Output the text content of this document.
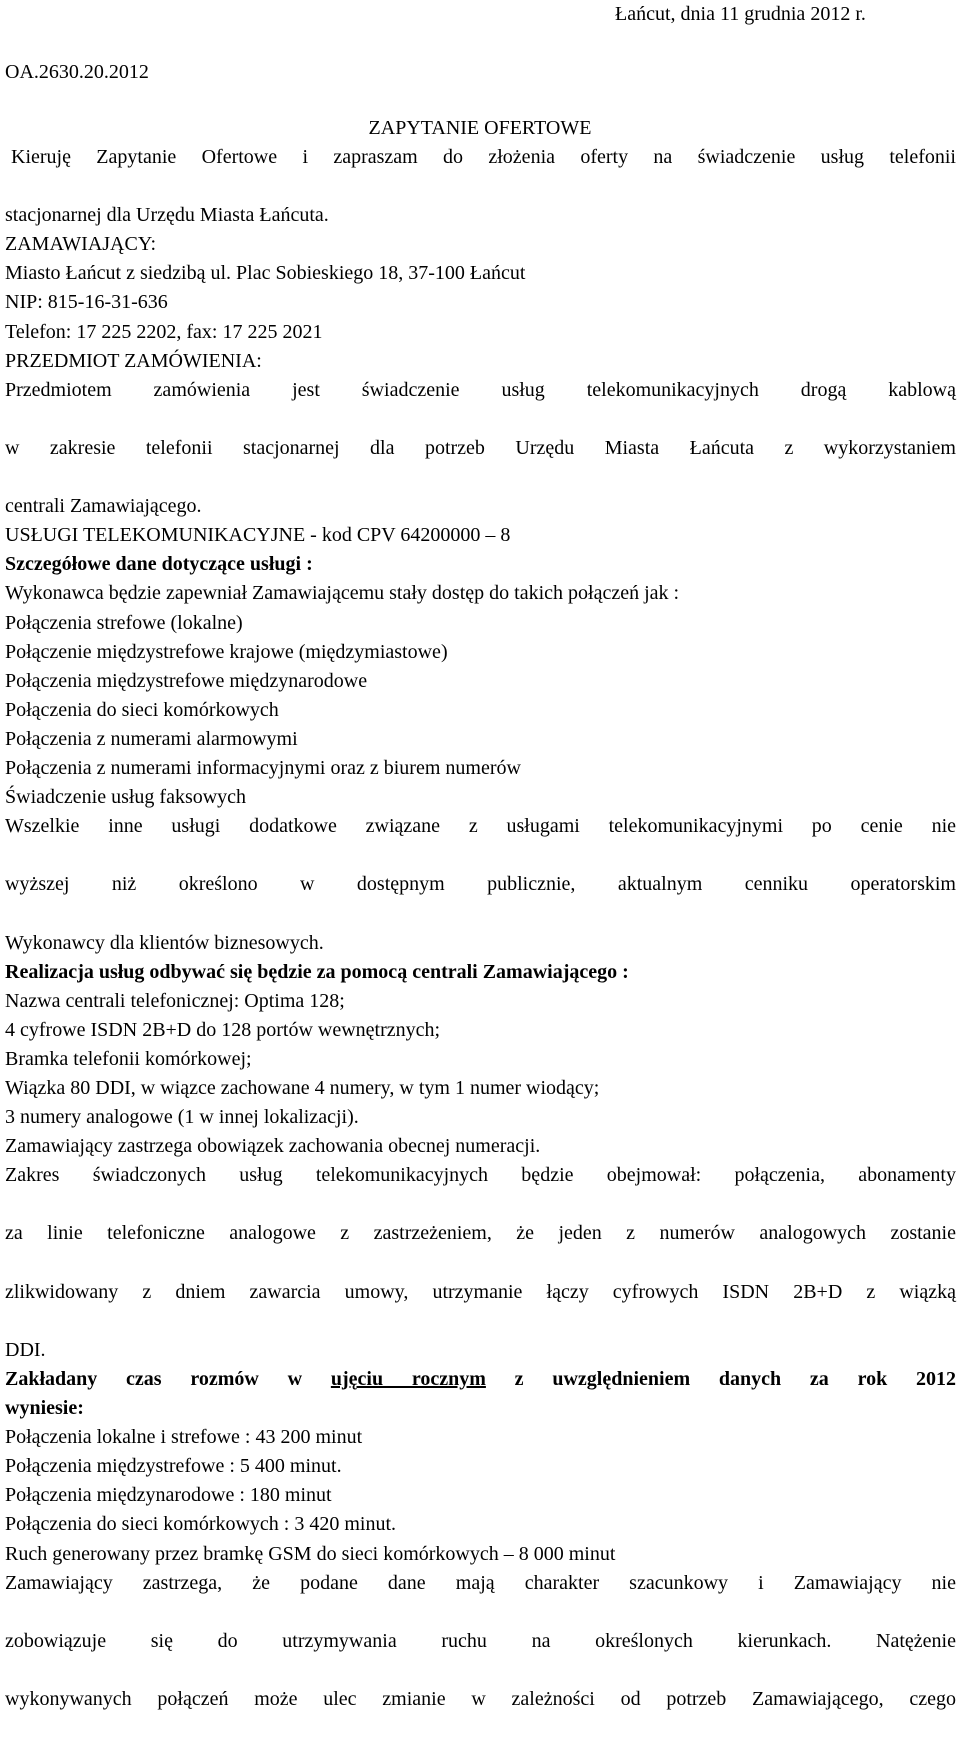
Łańcut, dnia 11 grudnia 2012 r.
OA.2630.20.2012
ZAPYTANIE OFERTOWE

Kieruję Zapytanie Ofertowe i zapraszam do złożenia oferty na świadczenie usług telefonii

stacjonarnej dla Urzędu Miasta Łańcuta.

ZAMAWIAJĄCY:

Miasto Łańcut z siedzibą ul. Plac Sobieskiego 18, 37-100 Łańcut

NIP: 815-16-31-636

Telefon: 17 225 2202, fax: 17 225 2021

PRZEDMIOT ZAMÓWIENIA:

Przedmiotem zamówienia jest świadczenie usług telekomunikacyjnych drogą kablową

w zakresie telefonii stacjonarnej dla potrzeb Urzędu Miasta Łańcuta z wykorzystaniem

centrali Zamawiającego.

USŁUGI TELEKOMUNIKACYJNE - kod CPV 64200000 – 8

Szczegółowe dane dotyczące usługi :

Wykonawca będzie zapewniał Zamawiającemu stały dostęp do takich połączeń jak :

Połączenia strefowe (lokalne)

Połączenie międzystrefowe krajowe (międzymiastowe)

Połączenia międzystrefowe międzynarodowe

Połączenia do sieci komórkowych

Połączenia z numerami alarmowymi

Połączenia z numerami informacyjnymi oraz z biurem numerów

Świadczenie usług faksowych

Wszelkie inne usługi dodatkowe związane z usługami telekomunikacyjnymi po cenie nie

wyższej niż określono w dostępnym publicznie, aktualnym cenniku operatorskim

Wykonawcy dla klientów biznesowych.

Realizacja usług odbywać się będzie za pomocą centrali Zamawiającego :

Nazwa centrali telefonicznej: Optima 128;

4 cyfrowe ISDN 2B+D do 128 portów wewnętrznych;

Bramka telefonii komórkowej;

Wiązka 80 DDI, w wiązce zachowane 4 numery, w tym 1 numer wiodący;

3 numery analogowe (1 w innej lokalizacji).

Zamawiający zastrzega obowiązek zachowania obecnej numeracji.

Zakres świadczonych usług telekomunikacyjnych będzie obejmował: połączenia, abonamenty

za linie telefoniczne analogowe z zastrzeżeniem, że jeden z numerów analogowych zostanie

zlikwidowany z dniem zawarcia umowy, utrzymanie łączy cyfrowych ISDN 2B+D z wiązką

DDI.

Zakładany czas rozmów w ujęciu rocznym z uwzględnieniem danych za rok 2012

wyniesie:

Połączenia lokalne i strefowe : 43 200 minut

Połączenia międzystrefowe : 5 400 minut.

Połączenia międzynarodowe : 180 minut

Połączenia do sieci komórkowych : 3 420 minut.

Ruch generowany przez bramkę GSM do sieci komórkowych – 8 000 minut

Zamawiający zastrzega, że podane dane mają charakter szacunkowy i Zamawiający nie

zobowiązuje się do utrzymywania ruchu na określonych kierunkach. Natężenie

wykonywanych połączeń może ulec zmianie w zależności od potrzeb Zamawiającego, czego
